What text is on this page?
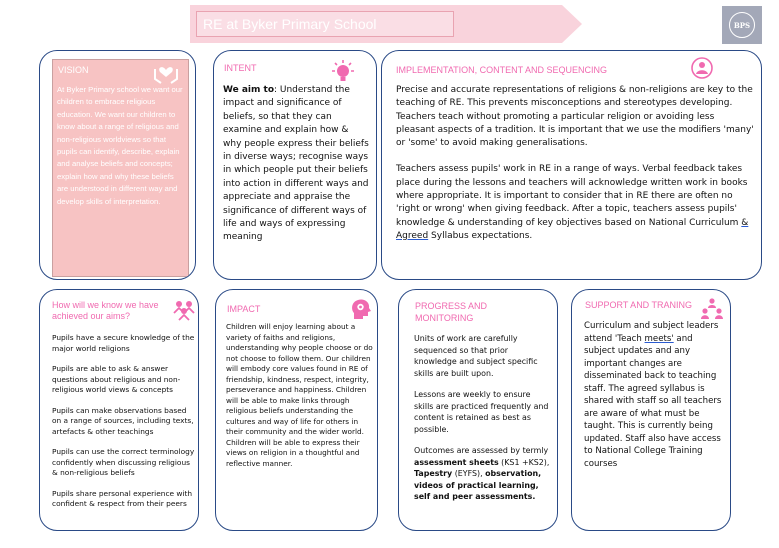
RE at Byker Primary School	BPS
VISION
At Byker Primary school we want our children to embrace religious education. We want our children to know about a range of religious and non-religious worldviews so that pupils can identify, describe, explain and analyse beliefs and concepts; explain how and why these beliefs are understood in different way and develop skills of interpretation.
INTENT
We aim to: Understand the impact and significance of beliefs, so that they can examine and explain how & why people express their beliefs in diverse ways; recognise ways in which people put their beliefs into action in different ways and appreciate and appraise the significance of different ways of life and ways of expressing meaning
IMPLEMENTATION, CONTENT AND SEQUENCING

Precise and accurate representations of religions & non-religions are key to the teaching of RE. This prevents misconceptions and stereotypes developing. Teachers teach without promoting a particular religion or avoiding less pleasant aspects of a tradition. It is important that we use the modifiers 'many' or 'some' to avoid making generalisations.

Teachers assess pupils' work in RE in a range of ways. Verbal feedback takes place during the lessons and teachers will acknowledge written work in books where appropriate. It is important to consider that in RE there are often no 'right or wrong' when giving feedback. After a topic, teachers assess pupils' knowledge & understanding of key objectives based on National Curriculum & Agreed Syllabus expectations.

How will we know we have achieved our aims?

Pupils have a secure knowledge of the major world religions

Pupils are able to ask & answer questions about religious and non-religious world views & concepts

Pupils can make observations based on a range of sources, including texts, artefacts & other teachings

Pupils can use the correct terminology confidently when discussing religious & non-religious beliefs

Pupils share personal experience with confident & respect from their peers

IMPACT
Children will enjoy learning about a variety of faiths and religions, understanding why people choose or do not choose to follow them. Our children will embody core values found in RE of friendship, kindness, respect, integrity, perseverance and happiness. Children will be able to make links through religious beliefs understanding the cultures and way of life for others in their community and the wider world. Children will be able to express their views on religion in a thoughtful and reflective manner.
PROGRESS AND MONITORING

Units of work are carefully sequenced so that prior knowledge and subject specific skills are built upon.

Lessons are weekly to ensure skills are practiced frequently and content is retained as best as possible.

Outcomes are assessed by termly assessment sheets (KS1 +KS2), Tapestry (EYFS), observation, videos of practical learning, self and peer assessments.

SUPPORT AND TRANING
Curriculum and subject leaders attend 'Teach meets' and subject updates and any important changes are disseminated back to teaching staff. The agreed syllabus is shared with staff so all teachers are aware of what must be taught. This is currently being updated. Staff also have access to National College Training courses
